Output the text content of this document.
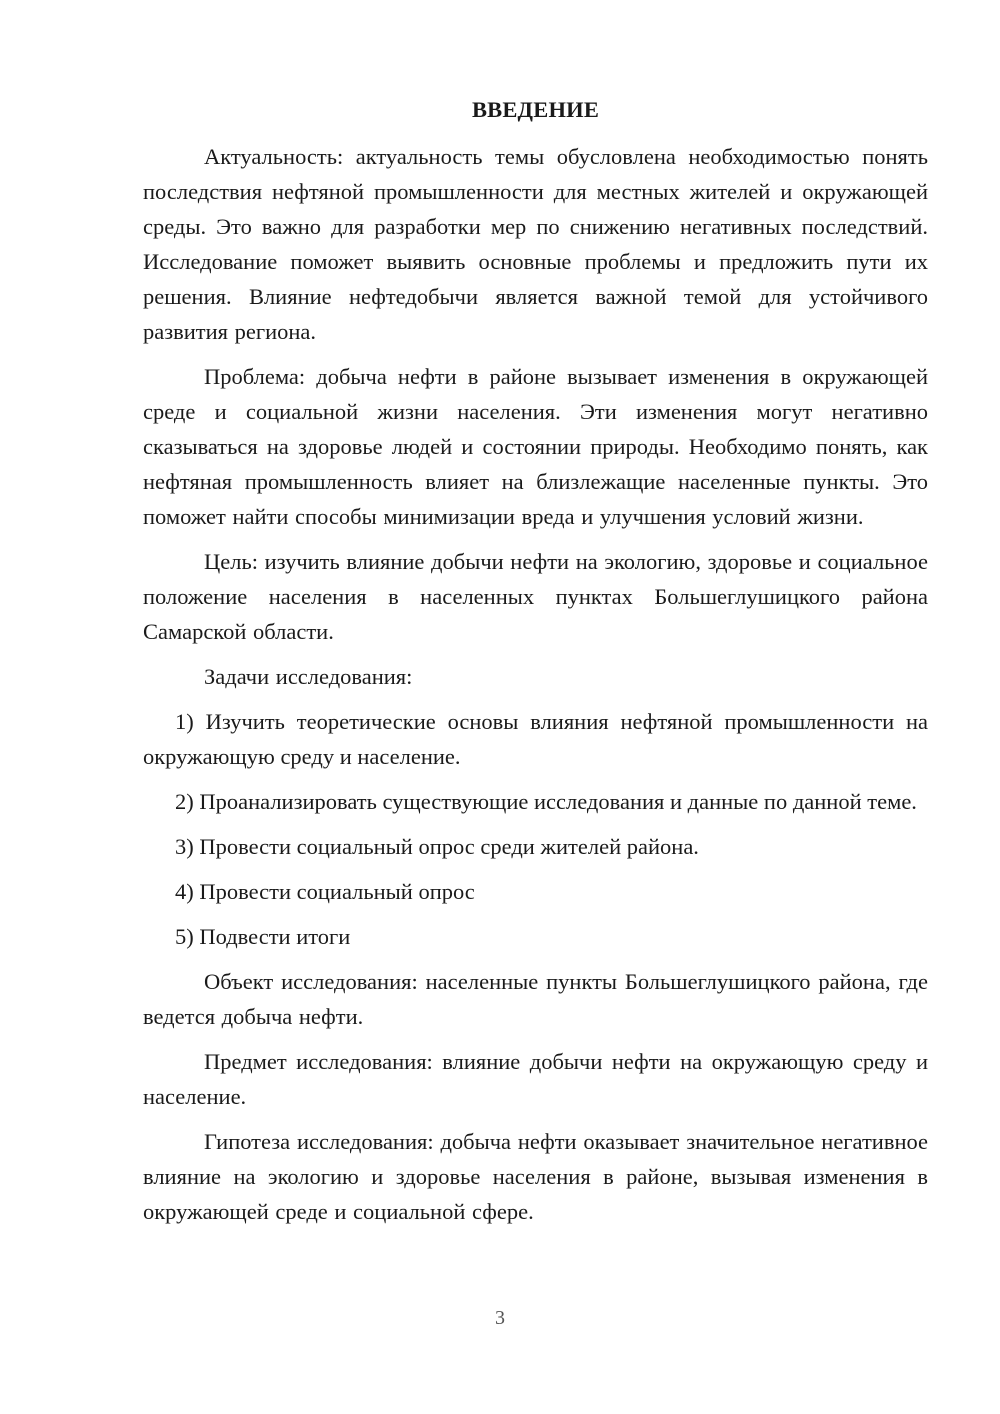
ВВЕДЕНИЕ

Актуальность: актуальность темы обусловлена необходимостью понять последствия нефтяной промышленности для местных жителей и окружающей среды. Это важно для разработки мер по снижению негативных последствий. Исследование поможет выявить основные проблемы и предложить пути их решения. Влияние нефтедобычи является важной темой для устойчивого развития региона.

Проблема: добыча нефти в районе вызывает изменения в окружающей среде и социальной жизни населения. Эти изменения могут негативно сказываться на здоровье людей и состоянии природы. Необходимо понять, как нефтяная промышленность влияет на близлежащие населенные пункты. Это поможет найти способы минимизации вреда и улучшения условий жизни.

Цель: изучить влияние добычи нефти на экологию, здоровье и социальное положение населения в населенных пунктах Большеглушицкого района Самарской области.

Задачи исследования:

1) Изучить теоретические основы влияния нефтяной промышленности на окружающую среду и население.

2) Проанализировать существующие исследования и данные по данной теме.

3) Провести социальный опрос среди жителей района.

4) Провести социальный опрос

5) Подвести итоги

Объект исследования: населенные пункты Большеглушицкого района, где ведется добыча нефти.

Предмет исследования: влияние добычи нефти на окружающую среду и население.

Гипотеза исследования: добыча нефти оказывает значительное негативное влияние на экологию и здоровье населения в районе, вызывая изменения в окружающей среде и социальной сфере.

3
